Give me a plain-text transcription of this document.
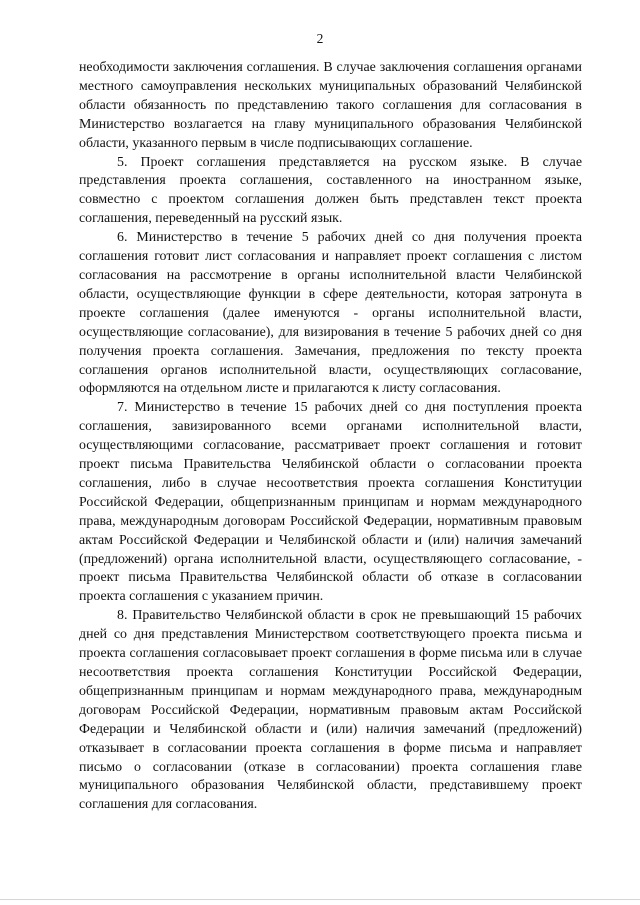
2

необходимости заключения соглашения. В случае заключения соглашения органами местного самоуправления нескольких муниципальных образований Челябинской области обязанность по представлению такого соглашения для согласования в Министерство возлагается на главу муниципального образования Челябинской области, указанного первым в числе подписывающих соглашение.

5. Проект соглашения представляется на русском языке. В случае представления проекта соглашения, составленного на иностранном языке, совместно с проектом соглашения должен быть представлен текст проекта соглашения, переведенный на русский язык.

6. Министерство в течение 5 рабочих дней со дня получения проекта соглашения готовит лист согласования и направляет проект соглашения с листом согласования на рассмотрение в органы исполнительной власти Челябинской области, осуществляющие функции в сфере деятельности, которая затронута в проекте соглашения (далее именуются - органы исполнительной власти, осуществляющие согласование), для визирования в течение 5 рабочих дней со дня получения проекта соглашения. Замечания, предложения по тексту проекта соглашения органов исполнительной власти, осуществляющих согласование, оформляются на отдельном листе и прилагаются к листу согласования.

7. Министерство в течение 15 рабочих дней со дня поступления проекта соглашения, завизированного всеми органами исполнительной власти, осуществляющими согласование, рассматривает проект соглашения и готовит проект письма Правительства Челябинской области о согласовании проекта соглашения, либо в случае несоответствия проекта соглашения Конституции Российской Федерации, общепризнанным принципам и нормам международного права, международным договорам Российской Федерации, нормативным правовым актам Российской Федерации и Челябинской области и (или) наличия замечаний (предложений) органа исполнительной власти, осуществляющего согласование, - проект письма Правительства Челябинской области об отказе в согласовании проекта соглашения с указанием причин.

8. Правительство Челябинской области в срок не превышающий 15 рабочих дней со дня представления Министерством соответствующего проекта письма и проекта соглашения согласовывает проект соглашения в форме письма или в случае несоответствия проекта соглашения Конституции Российской Федерации, общепризнанным принципам и нормам международного права, международным договорам Российской Федерации, нормативным правовым актам Российской Федерации и Челябинской области и (или) наличия замечаний (предложений) отказывает в согласовании проекта соглашения в форме письма и направляет письмо о согласовании (отказе в согласовании) проекта соглашения главе муниципального образования Челябинской области, представившему проект соглашения для согласования.
